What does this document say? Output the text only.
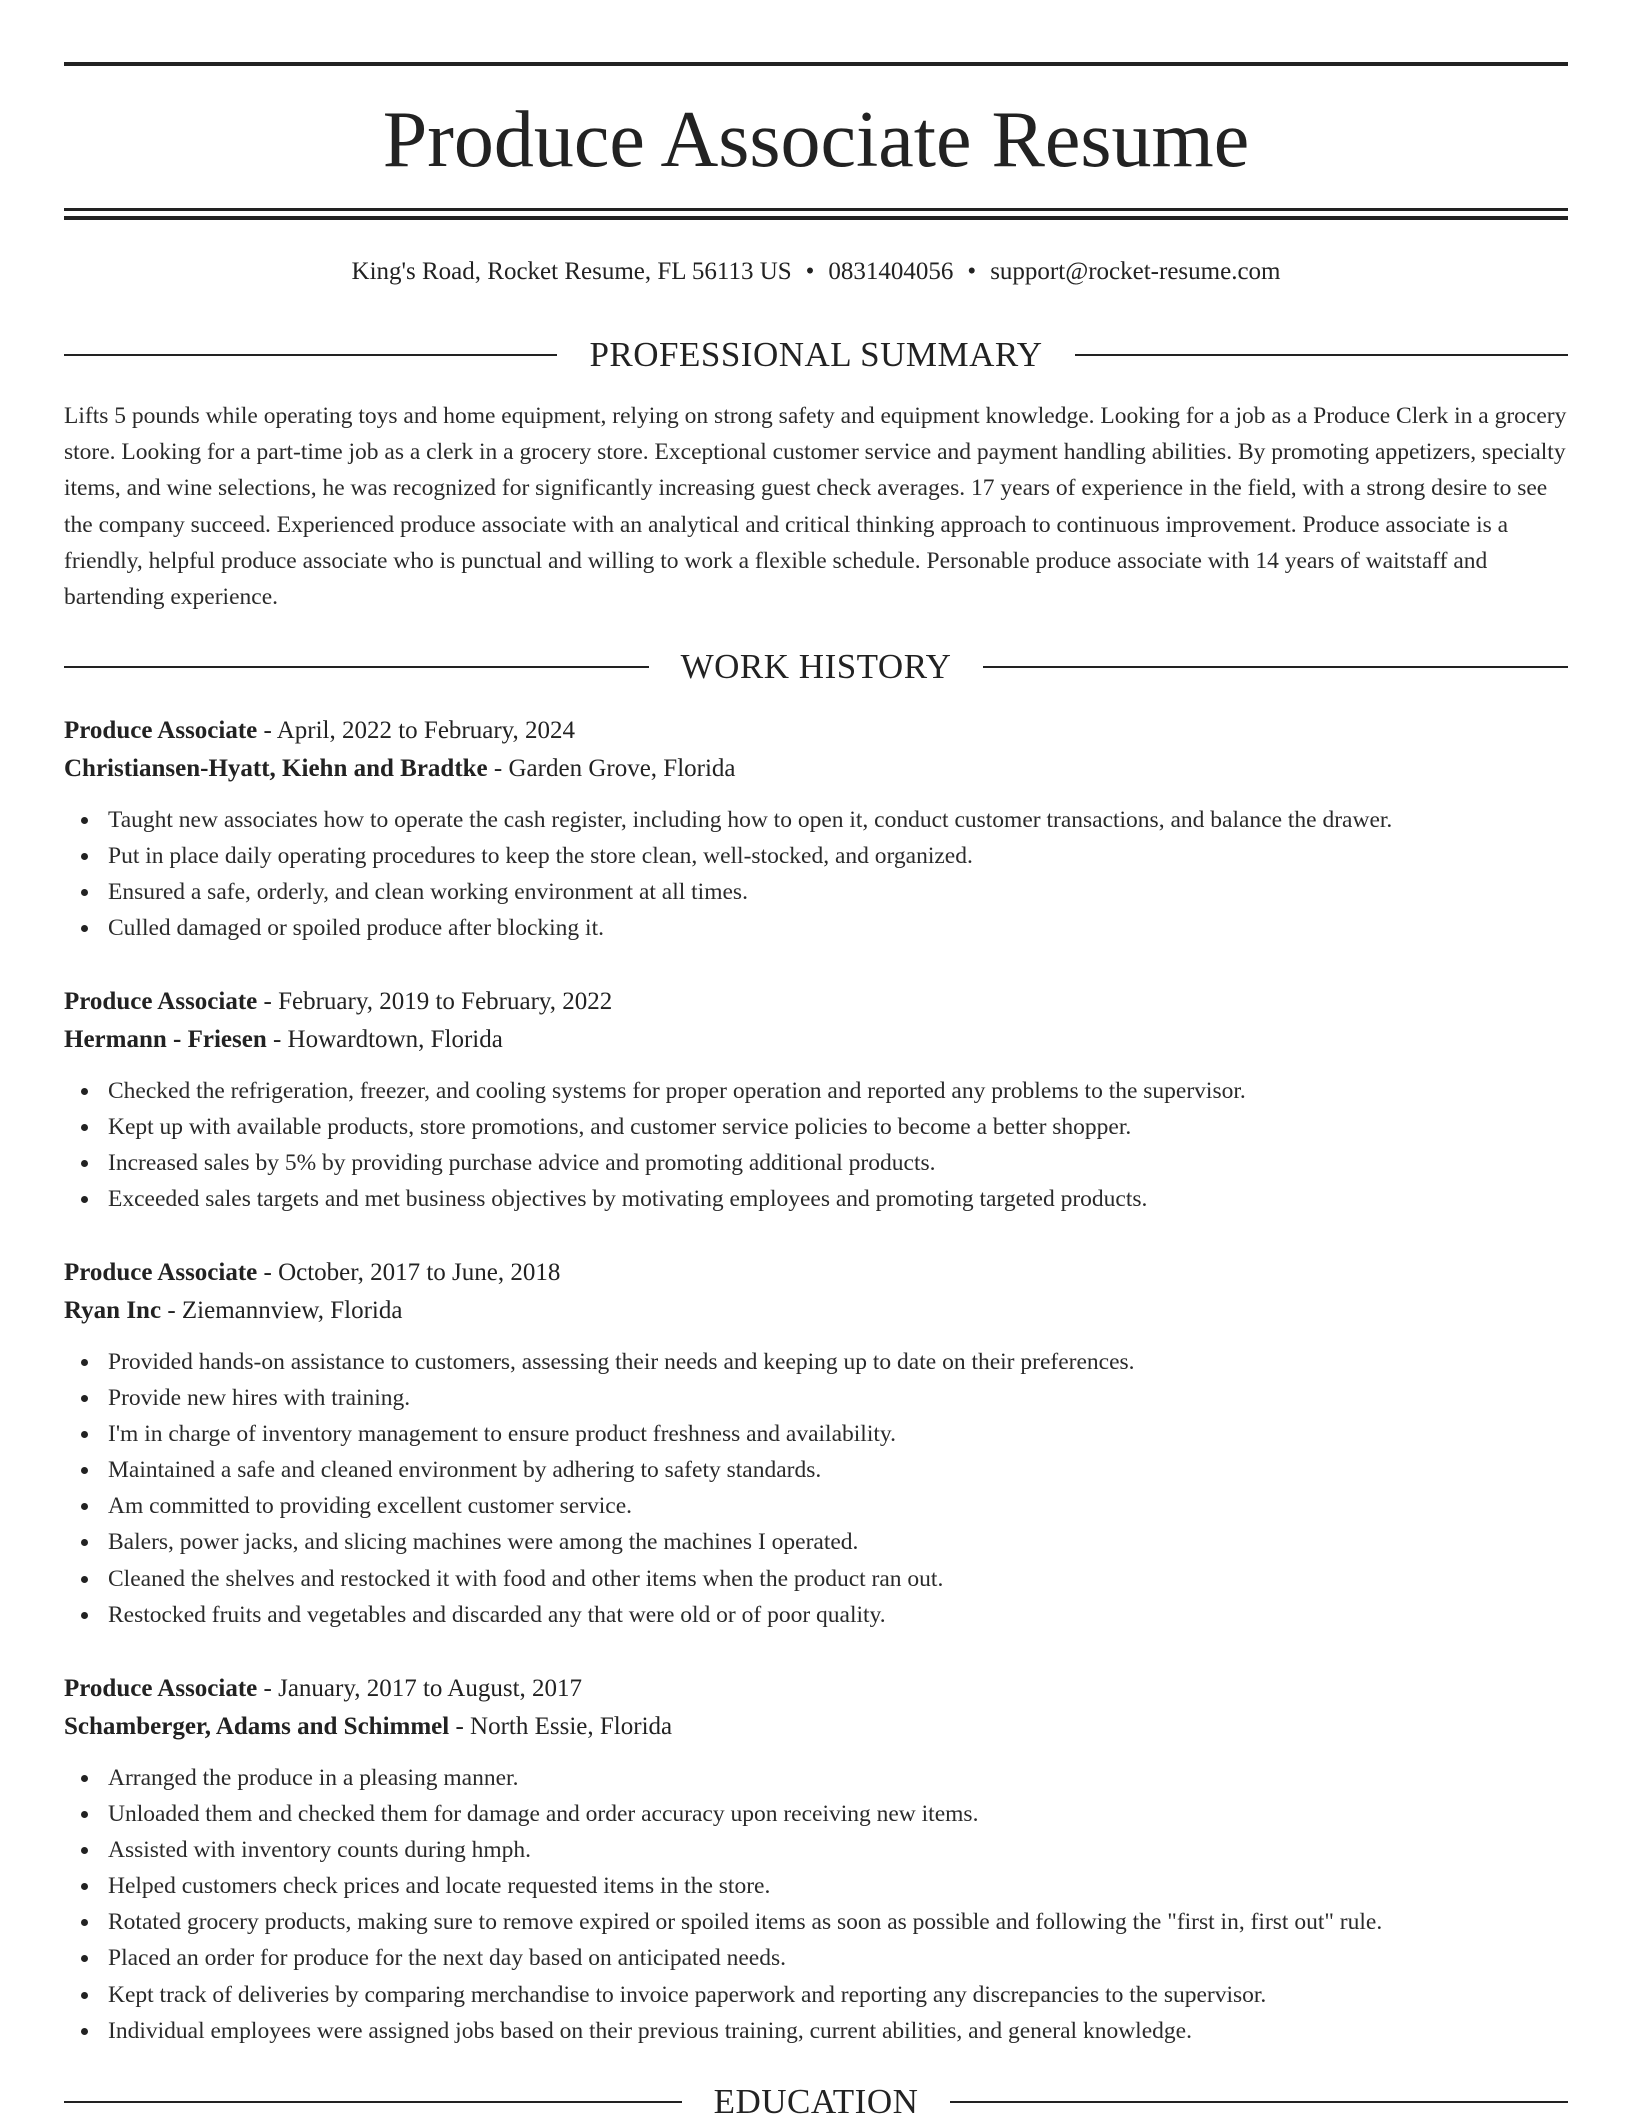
Produce Associate Resume
King's Road, Rocket Resume, FL 56113 US • 0831404056 • support@rocket-resume.com
PROFESSIONAL SUMMARY

Lifts 5 pounds while operating toys and home equipment, relying on strong safety and equipment knowledge. Looking for a job as a Produce Clerk in a grocery store. Looking for a part-time job as a clerk in a grocery store. Exceptional customer service and payment handling abilities. By promoting appetizers, specialty items, and wine selections, he was recognized for significantly increasing guest check averages. 17 years of experience in the field, with a strong desire to see the company succeed. Experienced produce associate with an analytical and critical thinking approach to continuous improvement. Produce associate is a friendly, helpful produce associate who is punctual and willing to work a flexible schedule. Personable produce associate with 14 years of waitstaff and bartending experience.

WORK HISTORY
Produce Associate - April, 2022 to February, 2024
Christiansen-Hyatt, Kiehn and Bradtke - Garden Grove, Florida
Taught new associates how to operate the cash register, including how to open it, conduct customer transactions, and balance the drawer.
Put in place daily operating procedures to keep the store clean, well-stocked, and organized.
Ensured a safe, orderly, and clean working environment at all times.
Culled damaged or spoiled produce after blocking it.
Produce Associate - February, 2019 to February, 2022
Hermann - Friesen - Howardtown, Florida
Checked the refrigeration, freezer, and cooling systems for proper operation and reported any problems to the supervisor.
Kept up with available products, store promotions, and customer service policies to become a better shopper.
Increased sales by 5% by providing purchase advice and promoting additional products.
Exceeded sales targets and met business objectives by motivating employees and promoting targeted products.
Produce Associate - October, 2017 to June, 2018
Ryan Inc - Ziemannview, Florida
Provided hands-on assistance to customers, assessing their needs and keeping up to date on their preferences.
Provide new hires with training.
I'm in charge of inventory management to ensure product freshness and availability.
Maintained a safe and cleaned environment by adhering to safety standards.
Am committed to providing excellent customer service.
Balers, power jacks, and slicing machines were among the machines I operated.
Cleaned the shelves and restocked it with food and other items when the product ran out.
Restocked fruits and vegetables and discarded any that were old or of poor quality.
Produce Associate - January, 2017 to August, 2017
Schamberger, Adams and Schimmel - North Essie, Florida
Arranged the produce in a pleasing manner.
Unloaded them and checked them for damage and order accuracy upon receiving new items.
Assisted with inventory counts during hmph.
Helped customers check prices and locate requested items in the store.
Rotated grocery products, making sure to remove expired or spoiled items as soon as possible and following the "first in, first out" rule.
Placed an order for produce for the next day based on anticipated needs.
Kept track of deliveries by comparing merchandise to invoice paperwork and reporting any discrepancies to the supervisor.
Individual employees were assigned jobs based on their previous training, current abilities, and general knowledge.
EDUCATION
